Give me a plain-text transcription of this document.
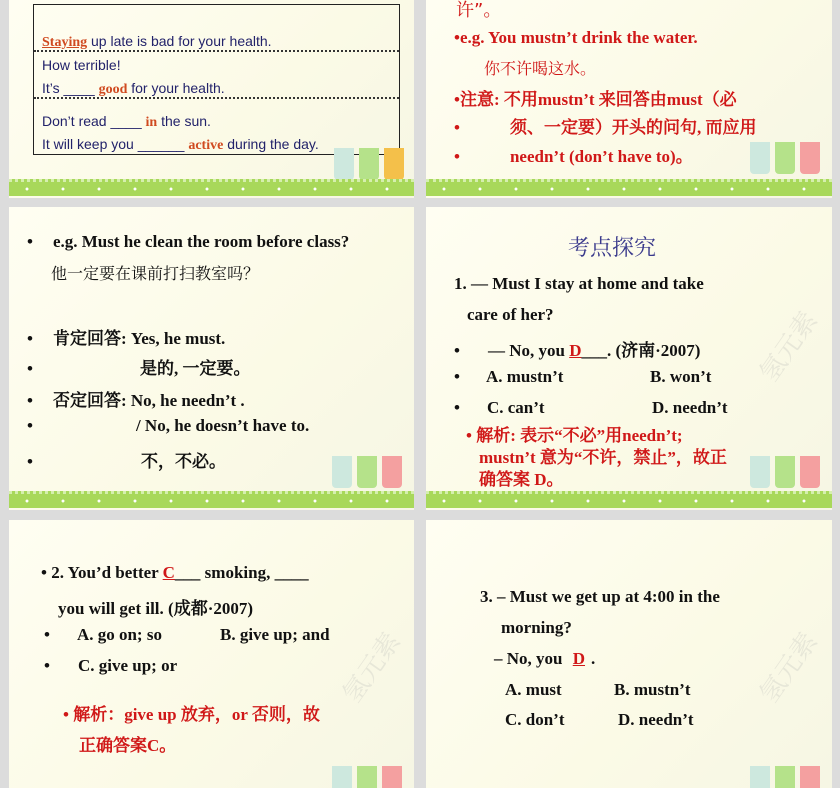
Staying up late is bad for your health.
How terrible!
It’s ____ good for your health.
Don’t read ____ in the sun.
It will keep you ______ active during the day.
许”。
•e.g. You mustn’t drink the water.
你不许喝这水。
•注意: 不用mustn’t 来回答由must（必
•	须、一定要）开头的问句, 而应用
•	needn’t (don’t have to)。
• e.g. Must he clean the room before class?
他一定要在课前打扫教室吗？
• 肯定回答: Yes, he must.
•	是的, 一定要。
• 否定回答: No, he needn’t .
•	/ No, he doesn’t have to.
•	不，不必。
考点探究
氢元素
1. — Must I stay at home and take
care of her?
• — No, you D___. (济南·2007)
• A. mustn’t	B. won’t
• C. can’t	D. needn’t
• 解析: 表示“不必”用needn’t;
mustn’t 意为“不许，禁止”，故正
确答案 D。
氢元素
• 2. You’d better C___ smoking, ____
you will get ill. (成都·2007)
• A. go on; so	B. give up; and
• C. give up; or
• 解析：give up 放弃，or 否则，故
正确答案C。
氢元素
3. – Must we get up at 4:00 in the
morning?
– No, you D .
A. must	B. mustn’t
C. don’t	D. needn’t
